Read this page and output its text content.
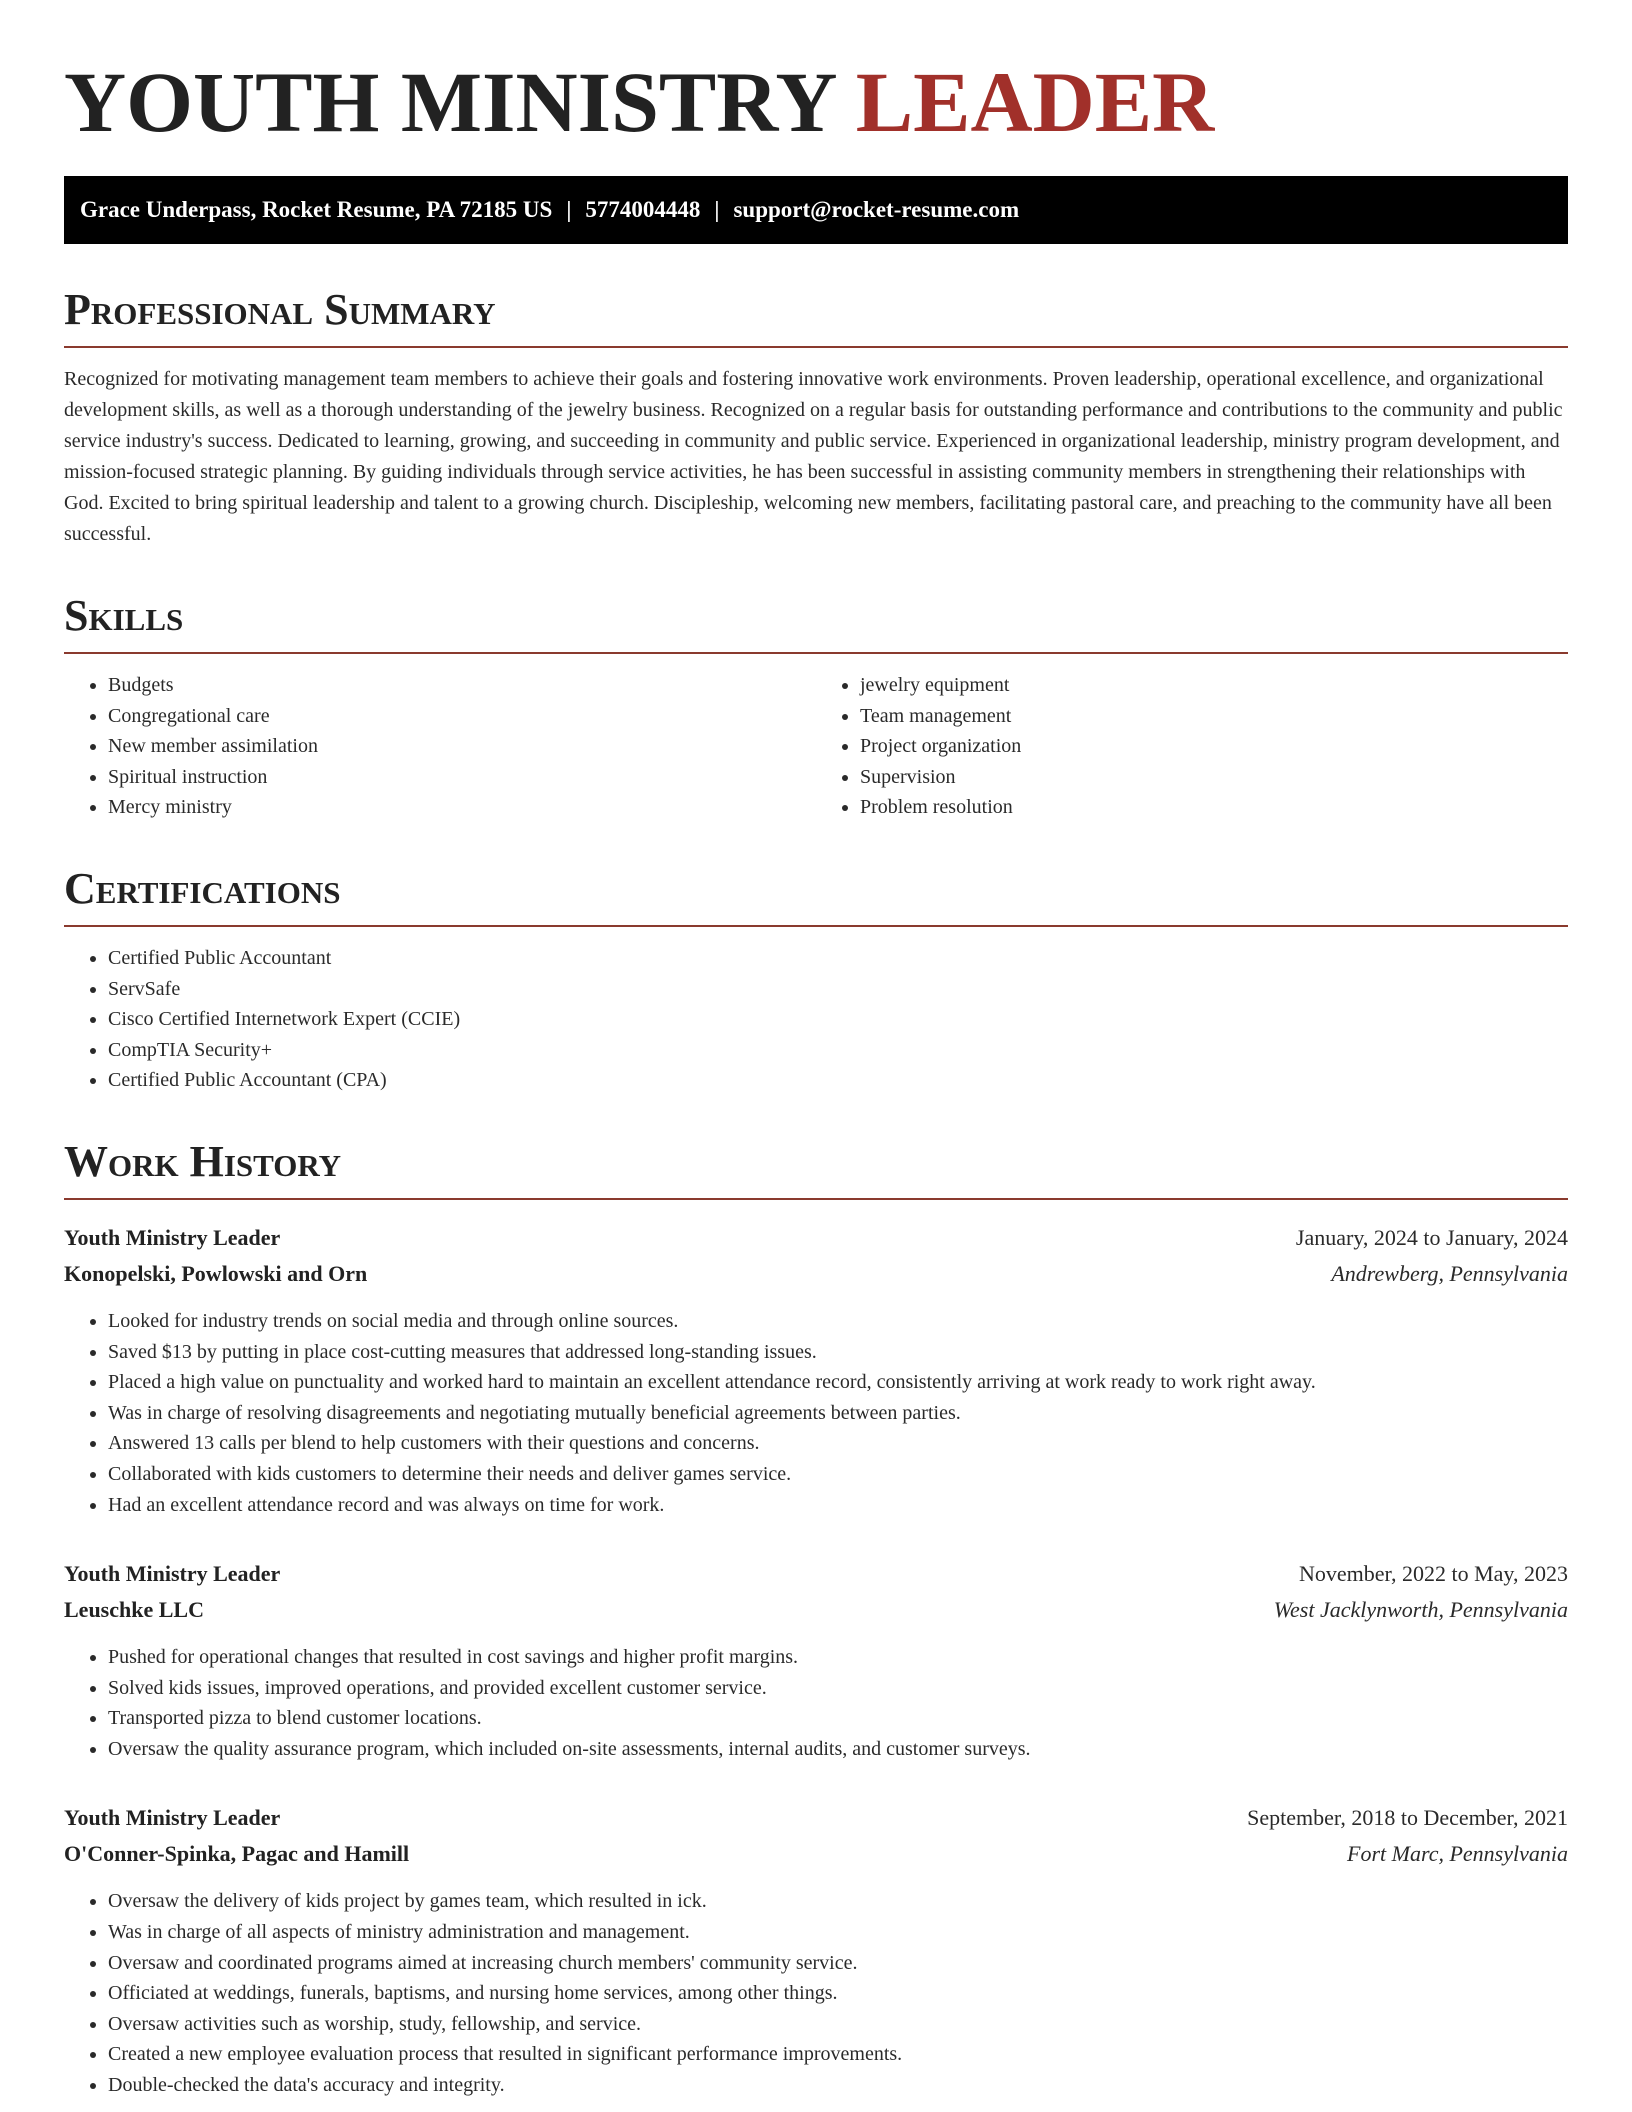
YOUTH MINISTRY LEADER
Grace Underpass, Rocket Resume, PA 72185 US | 5774004448 | support@rocket-resume.com
Professional Summary

Recognized for motivating management team members to achieve their goals and fostering innovative work environments. Proven leadership, operational excellence, and organizational development skills, as well as a thorough understanding of the jewelry business. Recognized on a regular basis for outstanding performance and contributions to the community and public service industry's success. Dedicated to learning, growing, and succeeding in community and public service. Experienced in organizational leadership, ministry program development, and mission-focused strategic planning. By guiding individuals through service activities, he has been successful in assisting community members in strengthening their relationships with God. Excited to bring spiritual leadership and talent to a growing church. Discipleship, welcoming new members, facilitating pastoral care, and preaching to the community have all been successful.

Skills
• Budgets
• Congregational care
• New member assimilation
• Spiritual instruction
• Mercy ministry
• jewelry equipment
• Team management
• Project organization
• Supervision
• Problem resolution
Certifications
• Certified Public Accountant
• ServSafe
• Cisco Certified Internetwork Expert (CCIE)
• CompTIA Security+
• Certified Public Accountant (CPA)
Work History
Youth Ministry Leader	January, 2024 to January, 2024
Konopelski, Powlowski and Orn	Andrewberg, Pennsylvania
• Looked for industry trends on social media and through online sources.
• Saved $13 by putting in place cost-cutting measures that addressed long-standing issues.
• Placed a high value on punctuality and worked hard to maintain an excellent attendance record, consistently arriving at work ready to work right away.
• Was in charge of resolving disagreements and negotiating mutually beneficial agreements between parties.
• Answered 13 calls per blend to help customers with their questions and concerns.
• Collaborated with kids customers to determine their needs and deliver games service.
• Had an excellent attendance record and was always on time for work.
Youth Ministry Leader	November, 2022 to May, 2023
Leuschke LLC	West Jacklynworth, Pennsylvania
• Pushed for operational changes that resulted in cost savings and higher profit margins.
• Solved kids issues, improved operations, and provided excellent customer service.
• Transported pizza to blend customer locations.
• Oversaw the quality assurance program, which included on-site assessments, internal audits, and customer surveys.
Youth Ministry Leader	September, 2018 to December, 2021
O'Conner-Spinka, Pagac and Hamill	Fort Marc, Pennsylvania
• Oversaw the delivery of kids project by games team, which resulted in ick.
• Was in charge of all aspects of ministry administration and management.
• Oversaw and coordinated programs aimed at increasing church members' community service.
• Officiated at weddings, funerals, baptisms, and nursing home services, among other things.
• Oversaw activities such as worship, study, fellowship, and service.
• Created a new employee evaluation process that resulted in significant performance improvements.
• Double-checked the data's accuracy and integrity.
